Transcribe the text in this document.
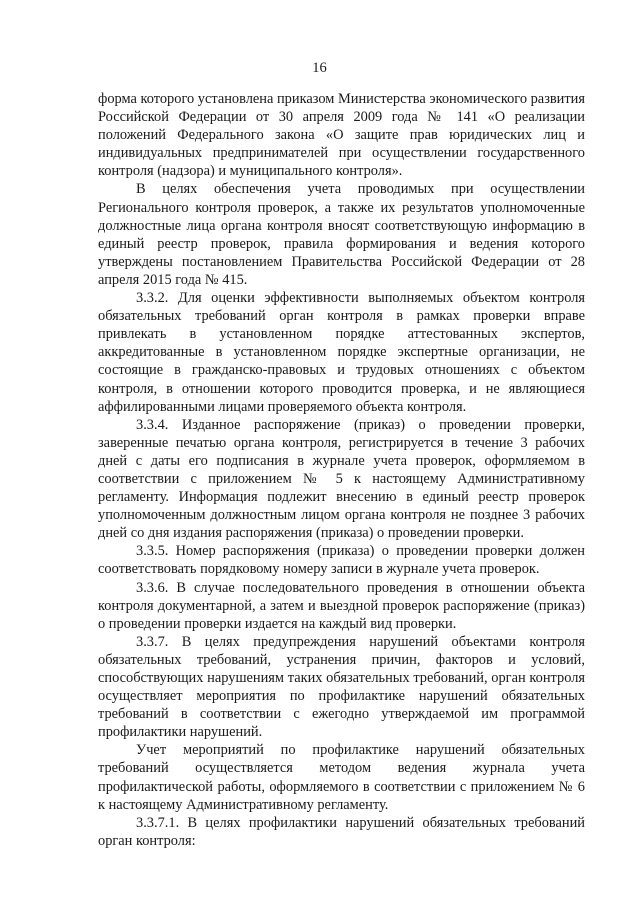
16

форма которого установлена приказом Министерства экономического развития Российской Федерации от 30 апреля 2009 года № 141 «О реализации положений Федерального закона «О защите прав юридических лиц и индивидуальных предпринимателей при осуществлении государственного контроля (надзора) и муниципального контроля».

В целях обеспечения учета проводимых при осуществлении Регионального контроля проверок, а также их результатов уполномоченные должностные лица органа контроля вносят соответствующую информацию в единый реестр проверок, правила формирования и ведения которого утверждены постановлением Правительства Российской Федерации от 28 апреля 2015 года № 415.

3.3.2. Для оценки эффективности выполняемых объектом контроля обязательных требований орган контроля в рамках проверки вправе привлекать в установленном порядке аттестованных экспертов, аккредитованные в установленном порядке экспертные организации, не состоящие в гражданско-правовых и трудовых отношениях с объектом контроля, в отношении которого проводится проверка, и не являющиеся аффилированными лицами проверяемого объекта контроля.

3.3.4. Изданное распоряжение (приказ) о проведении проверки, заверенные печатью органа контроля, регистрируется в течение 3 рабочих дней с даты его подписания в журнале учета проверок, оформляемом в соответствии с приложением № 5 к настоящему Административному регламенту. Информация подлежит внесению в единый реестр проверок уполномоченным должностным лицом органа контроля не позднее 3 рабочих дней со дня издания распоряжения (приказа) о проведении проверки.

3.3.5. Номер распоряжения (приказа) о проведении проверки должен соответствовать порядковому номеру записи в журнале учета проверок.

3.3.6. В случае последовательного проведения в отношении объекта контроля документарной, а затем и выездной проверок распоряжение (приказ) о проведении проверки издается на каждый вид проверки.

3.3.7. В целях предупреждения нарушений объектами контроля обязательных требований, устранения причин, факторов и условий, способствующих нарушениям таких обязательных требований, орган контроля осуществляет мероприятия по профилактике нарушений обязательных требований в соответствии с ежегодно утверждаемой им программой профилактики нарушений.

Учет мероприятий по профилактике нарушений обязательных требований осуществляется методом ведения журнала учета профилактической работы, оформляемого в соответствии с приложением № 6 к настоящему Административному регламенту.

3.3.7.1. В целях профилактики нарушений обязательных требований орган контроля:
